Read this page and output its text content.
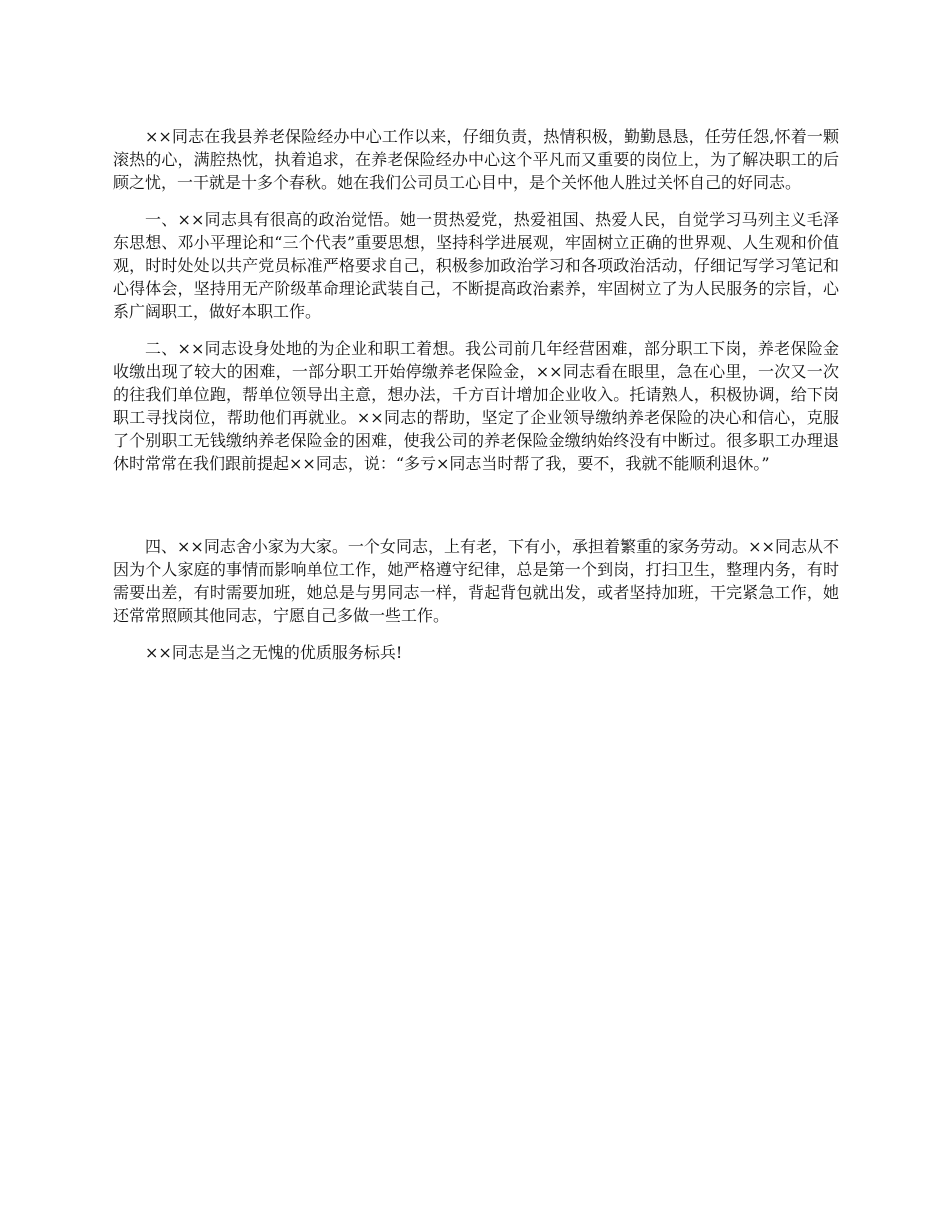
××同志在我县养老保险经办中心工作以来，仔细负责，热情积极，勤勤恳恳，任劳任怨,怀着一颗滚热的心，满腔热忱，执着追求，在养老保险经办中心这个平凡而又重要的岗位上，为了解决职工的后顾之忧，一干就是十多个春秋。她在我们公司员工心目中，是个关怀他人胜过关怀自己的好同志。

一、××同志具有很高的政治觉悟。她一贯热爱党，热爱祖国、热爱人民，自觉学习马列主义毛泽东思想、邓小平理论和“三个代表”重要思想，坚持科学进展观，牢固树立正确的世界观、人生观和价值观，时时处处以共产党员标准严格要求自己，积极参加政治学习和各项政治活动，仔细记写学习笔记和心得体会，坚持用无产阶级革命理论武装自己，不断提高政治素养，牢固树立了为人民服务的宗旨，心系广阔职工，做好本职工作。

二、××同志设身处地的为企业和职工着想。我公司前几年经营困难，部分职工下岗，养老保险金收缴出现了较大的困难，一部分职工开始停缴养老保险金，××同志看在眼里，急在心里，一次又一次的往我们单位跑，帮单位领导出主意，想办法，千方百计增加企业收入。托请熟人，积极协调，给下岗职工寻找岗位，帮助他们再就业。××同志的帮助，坚定了企业领导缴纳养老保险的决心和信心，克服了个别职工无钱缴纳养老保险金的困难，使我公司的养老保险金缴纳始终没有中断过。很多职工办理退休时常常在我们跟前提起××同志，说：“多亏×同志当时帮了我，要不，我就不能顺利退休。”

四、××同志舍小家为大家。一个女同志，上有老，下有小，承担着繁重的家务劳动。××同志从不因为个人家庭的事情而影响单位工作，她严格遵守纪律，总是第一个到岗，打扫卫生，整理内务，有时需要出差，有时需要加班，她总是与男同志一样，背起背包就出发，或者坚持加班，干完紧急工作，她还常常照顾其他同志，宁愿自己多做一些工作。

××同志是当之无愧的优质服务标兵!
